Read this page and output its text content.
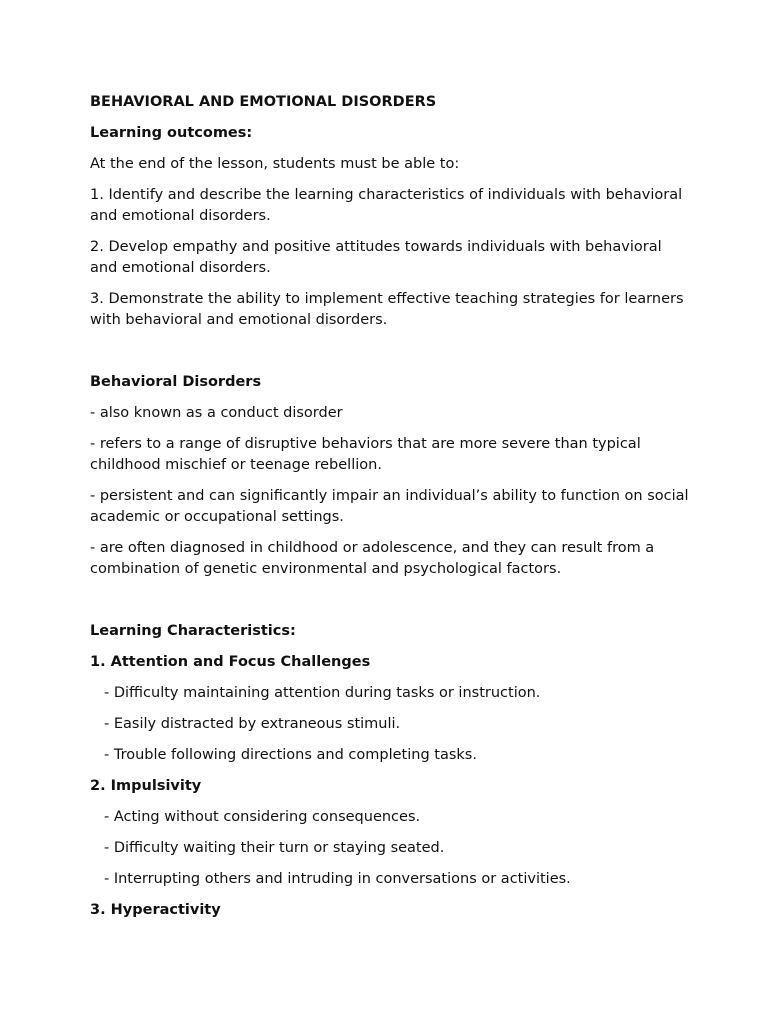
BEHAVIORAL AND EMOTIONAL DISORDERS

Learning outcomes:

At the end of the lesson, students must be able to:

1. Identify and describe the learning characteristics of individuals with behavioral and emotional disorders.

2. Develop empathy and positive attitudes towards individuals with behavioral and emotional disorders.

3. Demonstrate the ability to implement effective teaching strategies for learners with behavioral and emotional disorders.

Behavioral Disorders

- also known as a conduct disorder

- refers to a range of disruptive behaviors that are more severe than typical childhood mischief or teenage rebellion.

- persistent and can significantly impair an individual’s ability to function on social academic or occupational settings.

- are often diagnosed in childhood or adolescence, and they can result from a combination of genetic environmental and psychological factors.

Learning Characteristics:

1. Attention and Focus Challenges

- Difficulty maintaining attention during tasks or instruction.

- Easily distracted by extraneous stimuli.

- Trouble following directions and completing tasks.

2. Impulsivity

- Acting without considering consequences.

- Difficulty waiting their turn or staying seated.

- Interrupting others and intruding in conversations or activities.

3. Hyperactivity
